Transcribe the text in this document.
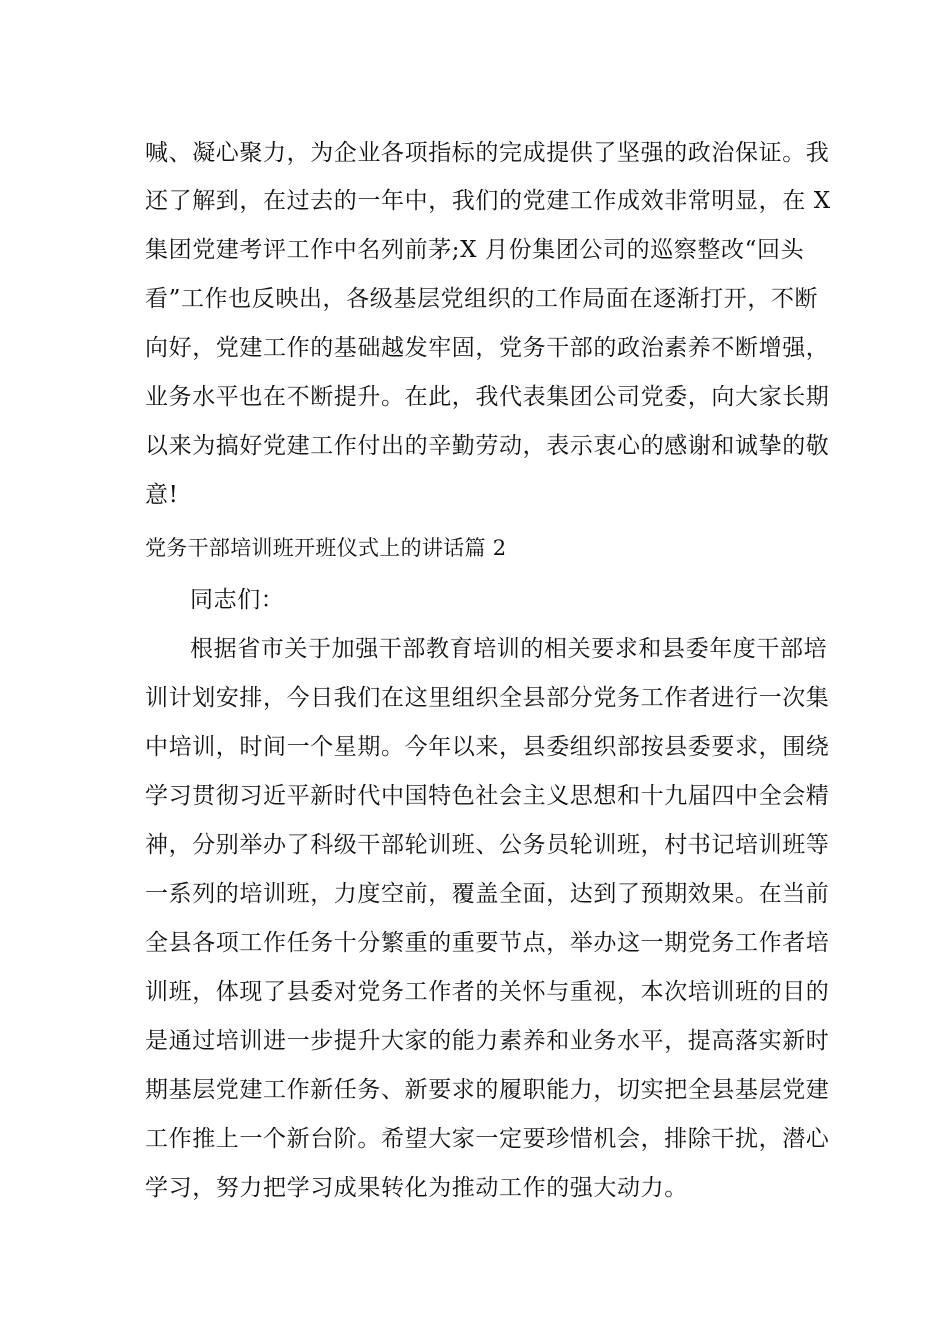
喊、凝心聚力，为企业各项指标的完成提供了坚强的政治保证。我
还了解到，在过去的一年中，我们的党建工作成效非常明显，在 X
集团党建考评工作中名列前茅;X 月份集团公司的巡察整改“回头
看”工作也反映出，各级基层党组织的工作局面在逐渐打开，不断
向好，党建工作的基础越发牢固，党务干部的政治素养不断增强，
业务水平也在不断提升。在此，我代表集团公司党委，向大家长期
以来为搞好党建工作付出的辛勤劳动，表示衷心的感谢和诚挚的敬
意!
党务干部培训班开班仪式上的讲话篇 2
同志们：
根据省市关于加强干部教育培训的相关要求和县委年度干部培
训计划安排，今日我们在这里组织全县部分党务工作者进行一次集
中培训，时间一个星期。今年以来，县委组织部按县委要求，围绕
学习贯彻习近平新时代中国特色社会主义思想和十九届四中全会精
神，分别举办了科级干部轮训班、公务员轮训班，村书记培训班等
一系列的培训班，力度空前，覆盖全面，达到了预期效果。在当前
全县各项工作任务十分繁重的重要节点，举办这一期党务工作者培
训班，体现了县委对党务工作者的关怀与重视，本次培训班的目的
是通过培训进一步提升大家的能力素养和业务水平，提高落实新时
期基层党建工作新任务、新要求的履职能力，切实把全县基层党建
工作推上一个新台阶。希望大家一定要珍惜机会，排除干扰，潜心
学习，努力把学习成果转化为推动工作的强大动力。
